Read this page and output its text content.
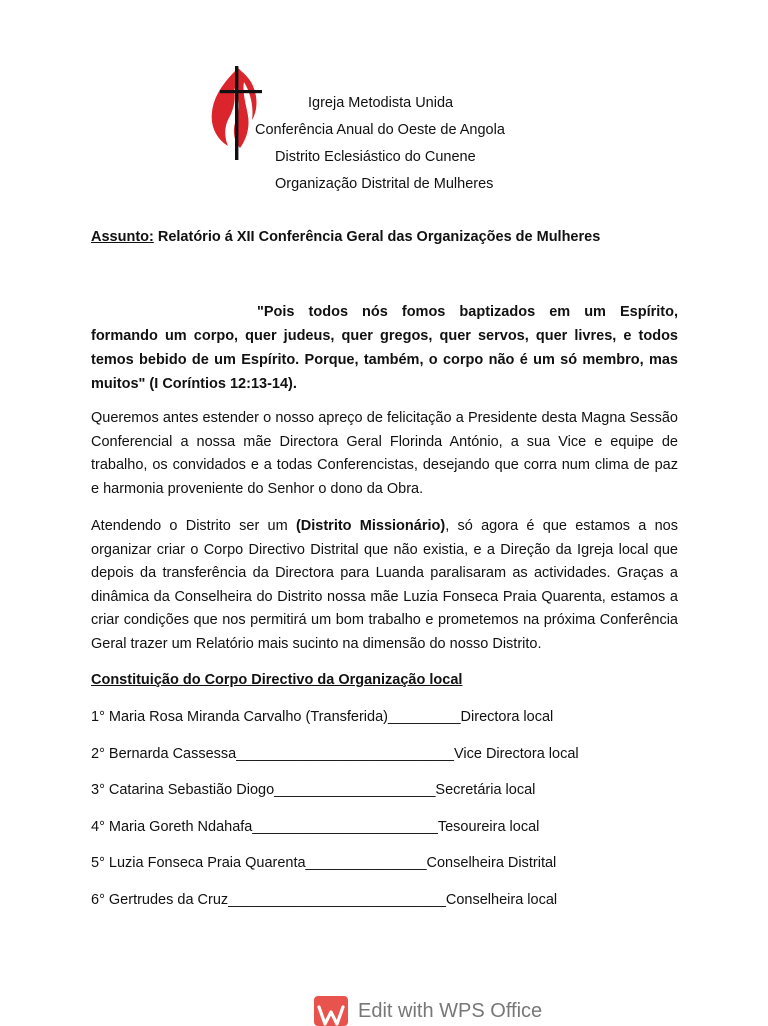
Igreja Metodista Unida
Conferência Anual do Oeste de Angola
Distrito Eclesiástico do Cunene
Organização Distrital de Mulheres
Assunto: Relatório á XII Conferência Geral das Organizações de Mulheres

"Pois todos nós fomos baptizados em um Espírito, formando um corpo, quer judeus, quer gregos, quer servos, quer livres, e todos temos bebido de um Espírito. Porque, também, o corpo não é um só membro, mas muitos" (I Coríntios 12:13-14).

Queremos antes estender o nosso apreço de felicitação a Presidente desta Magna Sessão Conferencial a nossa mãe Directora Geral Florinda António, a sua Vice e equipe de trabalho, os convidados e a todas Conferencistas, desejando que corra num clima de paz e harmonia proveniente do Senhor o dono da Obra.

Atendendo o Distrito ser um (Distrito Missionário), só agora é que estamos a nos organizar criar o Corpo Directivo Distrital que não existia, e a Direção da Igreja local que depois da transferência da Directora para Luanda paralisaram as actividades. Graças a dinâmica da Conselheira do Distrito nossa mãe Luzia Fonseca Praia Quarenta, estamos a criar condições que nos permitirá um bom trabalho e prometemos na próxima Conferência Geral trazer um Relatório mais sucinto na dimensão do nosso Distrito.

Constituição do Corpo Directivo da Organização local
1° Maria Rosa Miranda Carvalho (Transferida)_________Directora local
2° Bernarda Cassessa___________________________Vice Directora local
3° Catarina Sebastião Diogo____________________Secretária local
4° Maria Goreth Ndahafa_______________________Tesoureira local
5° Luzia Fonseca Praia Quarenta_______________Conselheira Distrital
6° Gertrudes da Cruz___________________________Conselheira local
Edit with WPS Office
